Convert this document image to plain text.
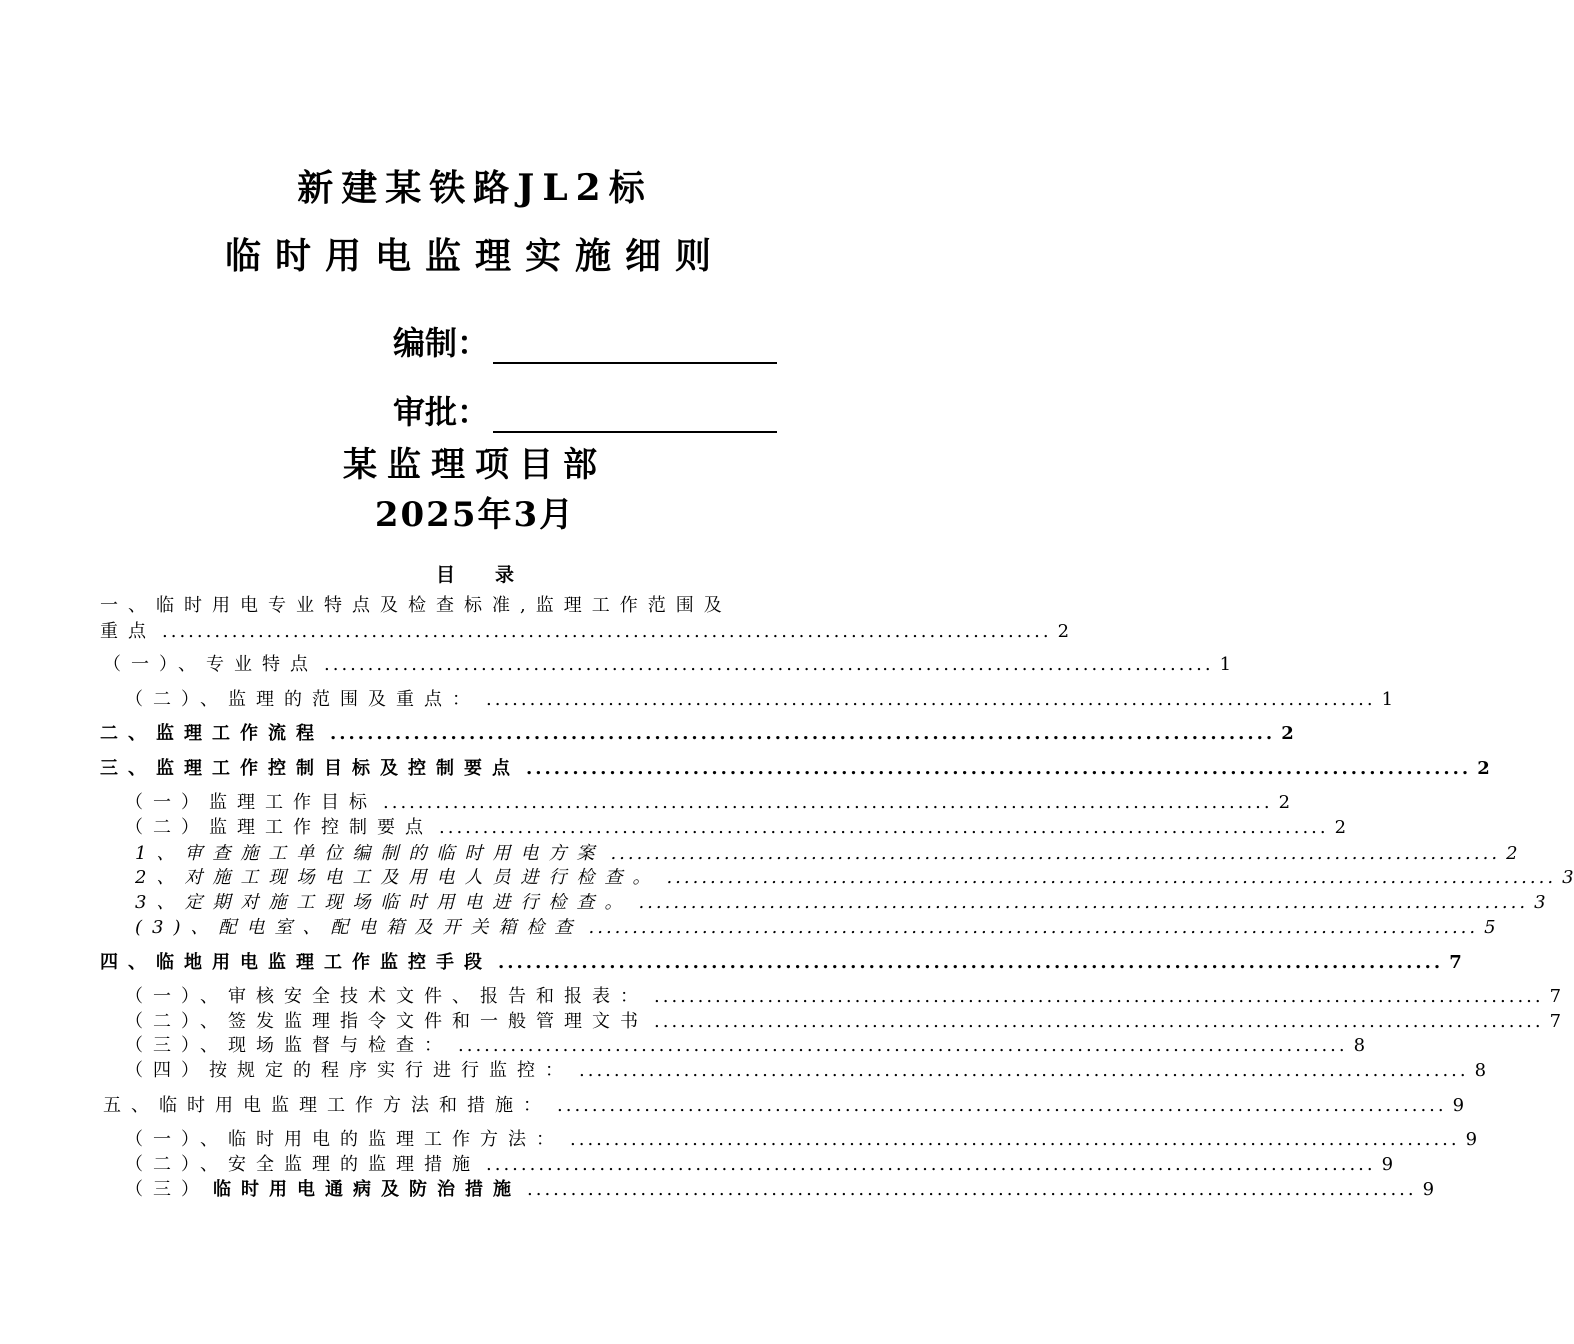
新建某铁路JL2标
临时用电监理实施细则
编制：
审批：
某监理项目部
2025年3月
目录
一、临时用电专业特点及检查标准,监理工作范围及
重点 ...................................................................................................... 2
（一）、专业特点 ...................................................................................................... 1
（二）、监理的范围及重点： ...................................................................................................... 1
二、监理工作流程 ...................................................................................................... 2
三、监理工作控制目标及控制要点 ...................................................................................................... 2
（一）监理工作目标 ...................................................................................................... 2
（二）监理工作控制要点 ...................................................................................................... 2
1、审查施工单位编制的临时用电方案 ...................................................................................................... 2
2、对施工现场电工及用电人员进行检查。 ...................................................................................................... 3
3、定期对施工现场临时用电进行检查。 ...................................................................................................... 3
(3)、配电室、配电箱及开关箱检查 ...................................................................................................... 5
四、临地用电监理工作监控手段 ...................................................................................................... 7
（一）、审核安全技术文件、报告和报表： ...................................................................................................... 7
（二）、签发监理指令文件和一般管理文书 ...................................................................................................... 7
（三）、现场监督与检查： ...................................................................................................... 8
（四）按规定的程序实行进行监控： ...................................................................................................... 8
五、临时用电监理工作方法和措施： ...................................................................................................... 9
（一）、临时用电的监理工作方法： ...................................................................................................... 9
（二）、安全监理的监理措施 ...................................................................................................... 9
（三） 临时用电通病及防治措施 ...................................................................................................... 9
